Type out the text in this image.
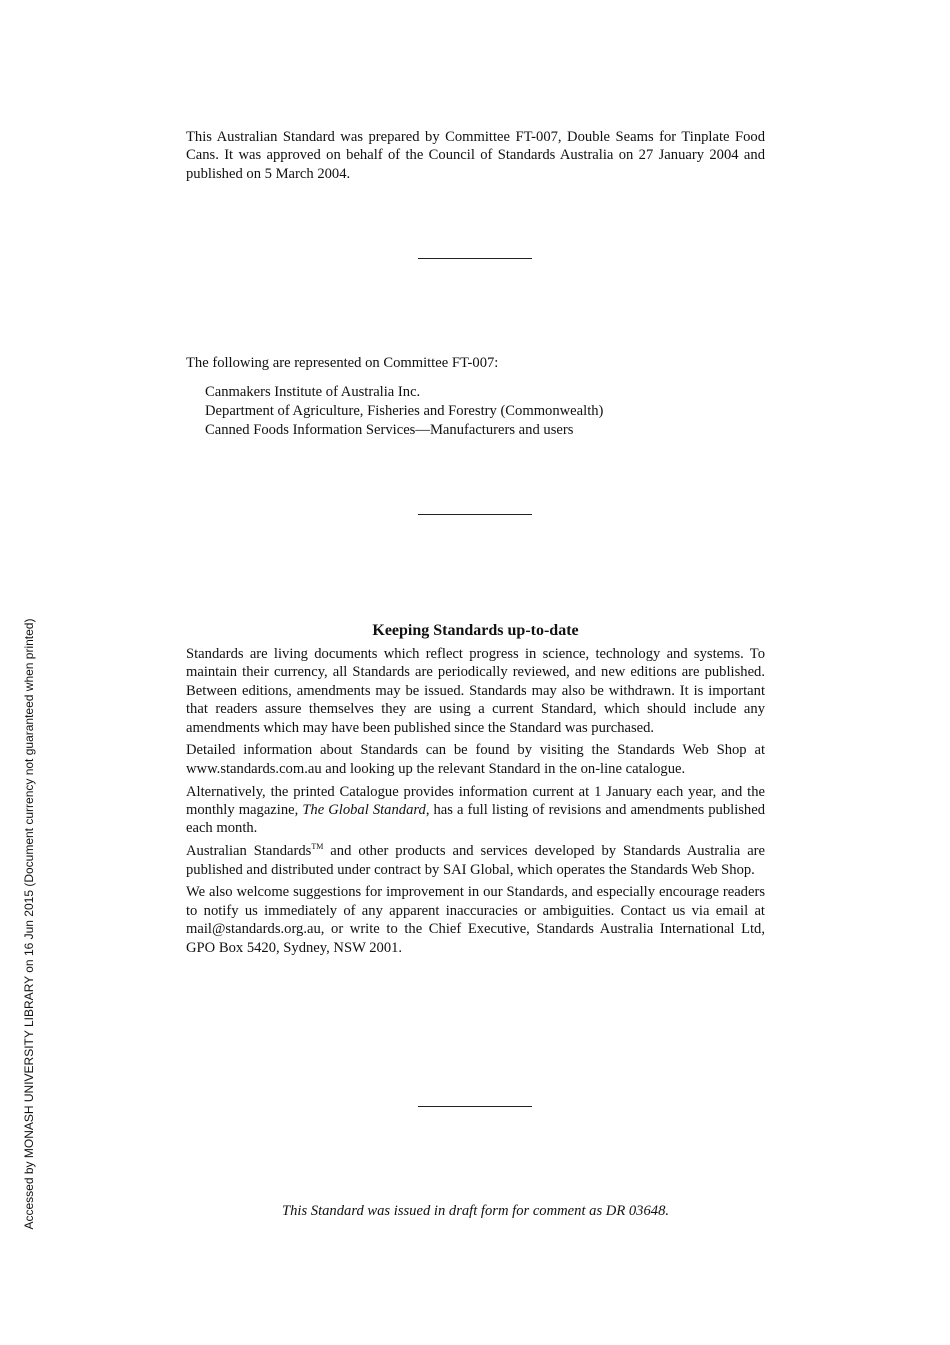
This Australian Standard was prepared by Committee FT-007, Double Seams for Tinplate Food Cans. It was approved on behalf of the Council of Standards Australia on 27 January 2004 and published on 5 March 2004.

The following are represented on Committee FT-007:

Canmakers Institute of Australia Inc.
Department of Agriculture, Fisheries and Forestry (Commonwealth)
Canned Foods Information Services—Manufacturers and users
Keeping Standards up-to-date

Standards are living documents which reflect progress in science, technology and systems. To maintain their currency, all Standards are periodically reviewed, and new editions are published. Between editions, amendments may be issued. Standards may also be withdrawn. It is important that readers assure themselves they are using a current Standard, which should include any amendments which may have been published since the Standard was purchased.

Detailed information about Standards can be found by visiting the Standards Web Shop at www.standards.com.au and looking up the relevant Standard in the on-line catalogue.

Alternatively, the printed Catalogue provides information current at 1 January each year, and the monthly magazine, The Global Standard, has a full listing of revisions and amendments published each month.

Australian Standards™ and other products and services developed by Standards Australia are published and distributed under contract by SAI Global, which operates the Standards Web Shop.

We also welcome suggestions for improvement in our Standards, and especially encourage readers to notify us immediately of any apparent inaccuracies or ambiguities. Contact us via email at mail@standards.org.au, or write to the Chief Executive, Standards Australia International Ltd, GPO Box 5420, Sydney, NSW 2001.

This Standard was issued in draft form for comment as DR 03648.
Accessed by MONASH UNIVERSITY LIBRARY on 16 Jun 2015 (Document currency not guaranteed when printed)
